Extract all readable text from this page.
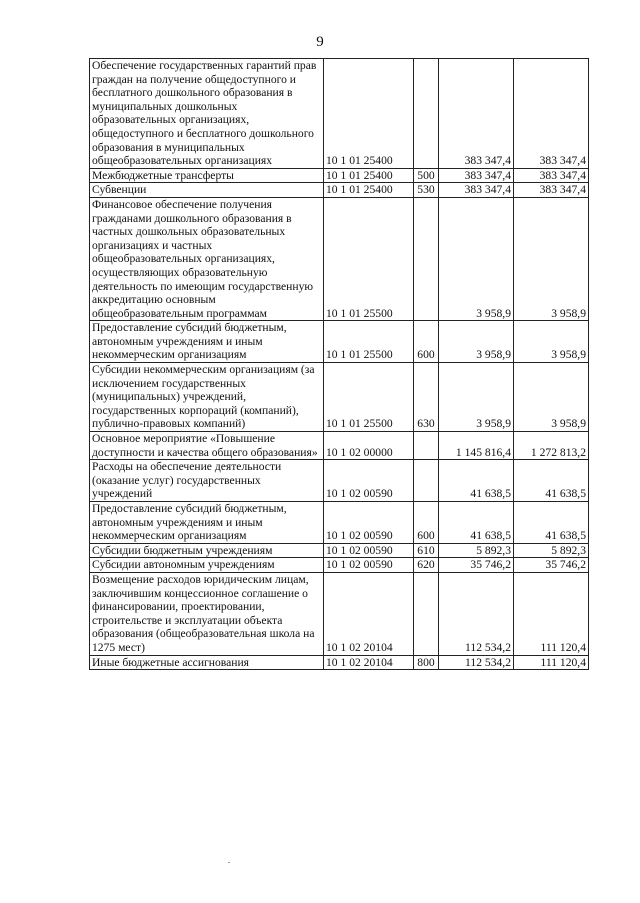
9
Обеспечение государственных гарантий прав граждан на получение общедоступного и бесплатного дошкольного образования в муниципальных дошкольных образовательных организациях, общедоступного и бесплатного дошкольного образования в муниципальных общеобразовательных организациях	10 1 01 25400		383 347,4	383 347,4
Межбюджетные трансферты	10 1 01 25400	500	383 347,4	383 347,4
Субвенции	10 1 01 25400	530	383 347,4	383 347,4
Финансовое обеспечение получения гражданами дошкольного образования в частных дошкольных образовательных организациях и частных общеобразовательных организациях, осуществляющих образовательную деятельность по имеющим государственную аккредитацию основным общеобразовательным программам	10 1 01 25500		3 958,9	3 958,9
Предоставление субсидий бюджетным, автономным учреждениям и иным некоммерческим организациям	10 1 01 25500	600	3 958,9	3 958,9
Субсидии некоммерческим организациям (за исключением государственных (муниципальных) учреждений, государственных корпораций (компаний), публично-правовых компаний)	10 1 01 25500	630	3 958,9	3 958,9
Основное мероприятие «Повышение доступности и качества общего образования»	10 1 02 00000		1 145 816,4	1 272 813,2
Расходы на обеспечение деятельности (оказание услуг) государственных учреждений	10 1 02 00590		41 638,5	41 638,5
Предоставление субсидий бюджетным, автономным учреждениям и иным некоммерческим организациям	10 1 02 00590	600	41 638,5	41 638,5
Субсидии бюджетным учреждениям	10 1 02 00590	610	5 892,3	5 892,3
Субсидии автономным учреждениям	10 1 02 00590	620	35 746,2	35 746,2
Возмещение расходов юридическим лицам, заключившим концессионное соглашение о финансировании, проектировании, строительстве и эксплуатации объекта образования (общеобразовательная школа на 1275 мест)	10 1 02 20104		112 534,2	111 120,4
Иные бюджетные ассигнования	10 1 02 20104	800	112 534,2	111 120,4
